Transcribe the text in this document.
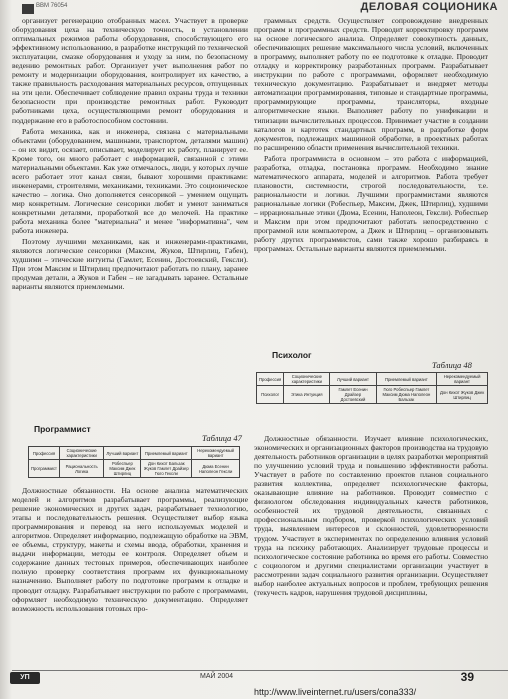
ВВМ 76054	ДЕЛОВАЯ СОЦИОНИКА

организует регенерацию отобранных масел. Участвует в проверке оборудования цеха на техническую точность, в установлении оптимальных режимов работы оборудования, способствующего его эффективному использованию, в разработке инструкций по технической эксплуатации, смазке оборудования и уходу за ним, по безопасному ведению ремонтных работ. Организует учет выполнения работ по ремонту и модернизации оборудования, контролирует их качество, а также правильность расходования материальных ресурсов, отпущенных на эти цели. Обеспечивает соблюдение правил охраны труда и техники безопасности при производстве ремонтных работ. Руководит работниками цеха, осуществляющими ремонт оборудования и поддержание его в работоспособном состоянии.

Работа механика, как и инженера, связана с материальными объектами (оборудованием, машинами, транспортом, деталями машин) – он их видит, осязает, описывает, моделирует их работу, планирует ее. Кроме того, он много работает с информацией, связанной с этими материальными объектами. Как уже отмечалось, люди, у которых лучше всего работает этот канал связи, бывают хорошими практиками: инженерами, строителями, механиками, техниками. Это соционическое качество – логика. Оно дополняется сенсорикой – умением ощущать мир конкретным. Логические сенсорики любят и умеют заниматься конкретными деталями, проработкой все до мелочей. На практике работа механика более "материальна" и менее "информативна", чем работа инженера.

Поэтому лучшими механиками, как и инженерами-практиками, являются логические сенсорики (Максим, Жуков, Штирлиц, Габен), худшими – этические интуиты (Гамлет, Есенин, Достоевский, Гексли). При этом Максим и Штирлиц предпочитают работать по плану, заранее продумав детали, а Жуков и Габен – не загадывать заранее. Остальные варианты являются приемлемыми.

Программист
Таблица 47
Профессия	Соционические характеристики	Лучший вариант	Приемлемый вариант	Нерекомендуемый вариант
Программист	Рациональность Логика	Робеспьер Максим Джек Штирлиц	Дон Кихот Бальзак Жуков Гамлет Драйзер Гюго Гексли	Дюма Есенин Наполеон Гексли

Должностные обязанности. На основе анализа математических моделей и алгоритмов разрабатывает программы, реализующие решение экономических и других задач, разрабатывает технологию, этапы и последовательность решения. Осуществляет выбор языка программирования и перевод на него используемых моделей и алгоритмов. Определяет информацию, подлежащую обработке на ЭВМ, ее объемы, структуру, макеты и схемы ввода, обработки, хранения и выдачи информации, методы ее контроля. Определяет объем и содержание данных тестовых примеров, обеспечивающих наиболее полную проверку соответствия программ их функциональному назначению. Выполняет работу по подготовке программ к отладке и проводит отладку. Разрабатывает инструкции по работе с программами, оформляет необходимую техническую документацию. Определяет возможность использования готовых про-

граммных средств. Осуществляет сопровождение внедренных программ и программных средств. Проводит корректировку программ на основе логического анализа. Определяет совокупность данных, обеспечивающих решение максимального числа условий, включенных в программу, выполняет работу по ее подготовке к отладке. Проводит отладку и корректировку разработанных программ. Разрабатывает инструкции по работе с программами, оформляет необходимую техническую документацию. Разрабатывает и внедряет методы автоматизации программирования, типовые и стандартные программы, программирующие программы, трансляторы, входные алгоритмические языки. Выполняет работу по унификации и типизации вычислительных процессов. Принимает участие в создании каталогов и картотек стандартных программ, в разработке форм документов, подлежащих машинной обработке, в проектных работах по расширению области применения вычислительной техники.

Работа программиста в основном – это работа с информацией, разработка, отладка, постановка программ. Необходимо знание математического аппарата, моделей и алгоритмов. Работа требует плановости, систeмности, строгой последовательности, т.е. рациональности и логики. Лучшими программистами являются рациональные логики (Робеспьер, Максим, Джек, Штирлиц), худшими – иррациональные этики (Дюма, Есенин, Наполеон, Гексли). Робеспьер и Максим при этом предпочитают работать непосредственно с программой или компьютером, а Джек и Штирлиц – организовывать работу других программистов, сами также хорошо разбираясь в программах. Остальные варианты являются приемлемыми.

Психолог
Таблица 48
Профессия	Соционические характеристики	Лучший вариант	Приемлемый вариант	Нерекомендуемый вариант
Психолог	Этика Интуиция	Гамлет Есенин Драйзер Достоевский	Гюго Робеспьер Гамлет Максим Дюма Наполеон Бальзак	Дон Кихот Жуков Джек Штирлиц

Должностные обязанности. Изучает влияние психологических, экономических и организационных факторов производства на трудовую деятельность работников организации в целях разработки мероприятий по улучшению условий труда и повышению эффективности работы. Участвует в работе по составлению проектов планов социального развития коллектива, определяет психологические факторы, оказывающие влияние на работников. Проводит совместно с физиологом обследования индивидуальных качеств работников, особенностей их трудовой деятельности, связанных с профессиональным подбором, проверкой психологических условий труда, выявлением интересов и склонностей, удовлетворенности трудом. Участвует в экспериментах по определению влияния условий труда на психику работающих. Анализирует трудовые процессы и психологическое состояние работника во время его работы. Совместно с социологом и другими специалистами организации участвует в рассмотрении задач социального развития организации. Осуществляет выбор наиболее актуальных вопросов и проблем, требующих решения (текучесть кадров, нарушения трудовой дисциплины,

УП	МАЙ 2004	39
http://www.liveinternet.ru/users/cona333/
